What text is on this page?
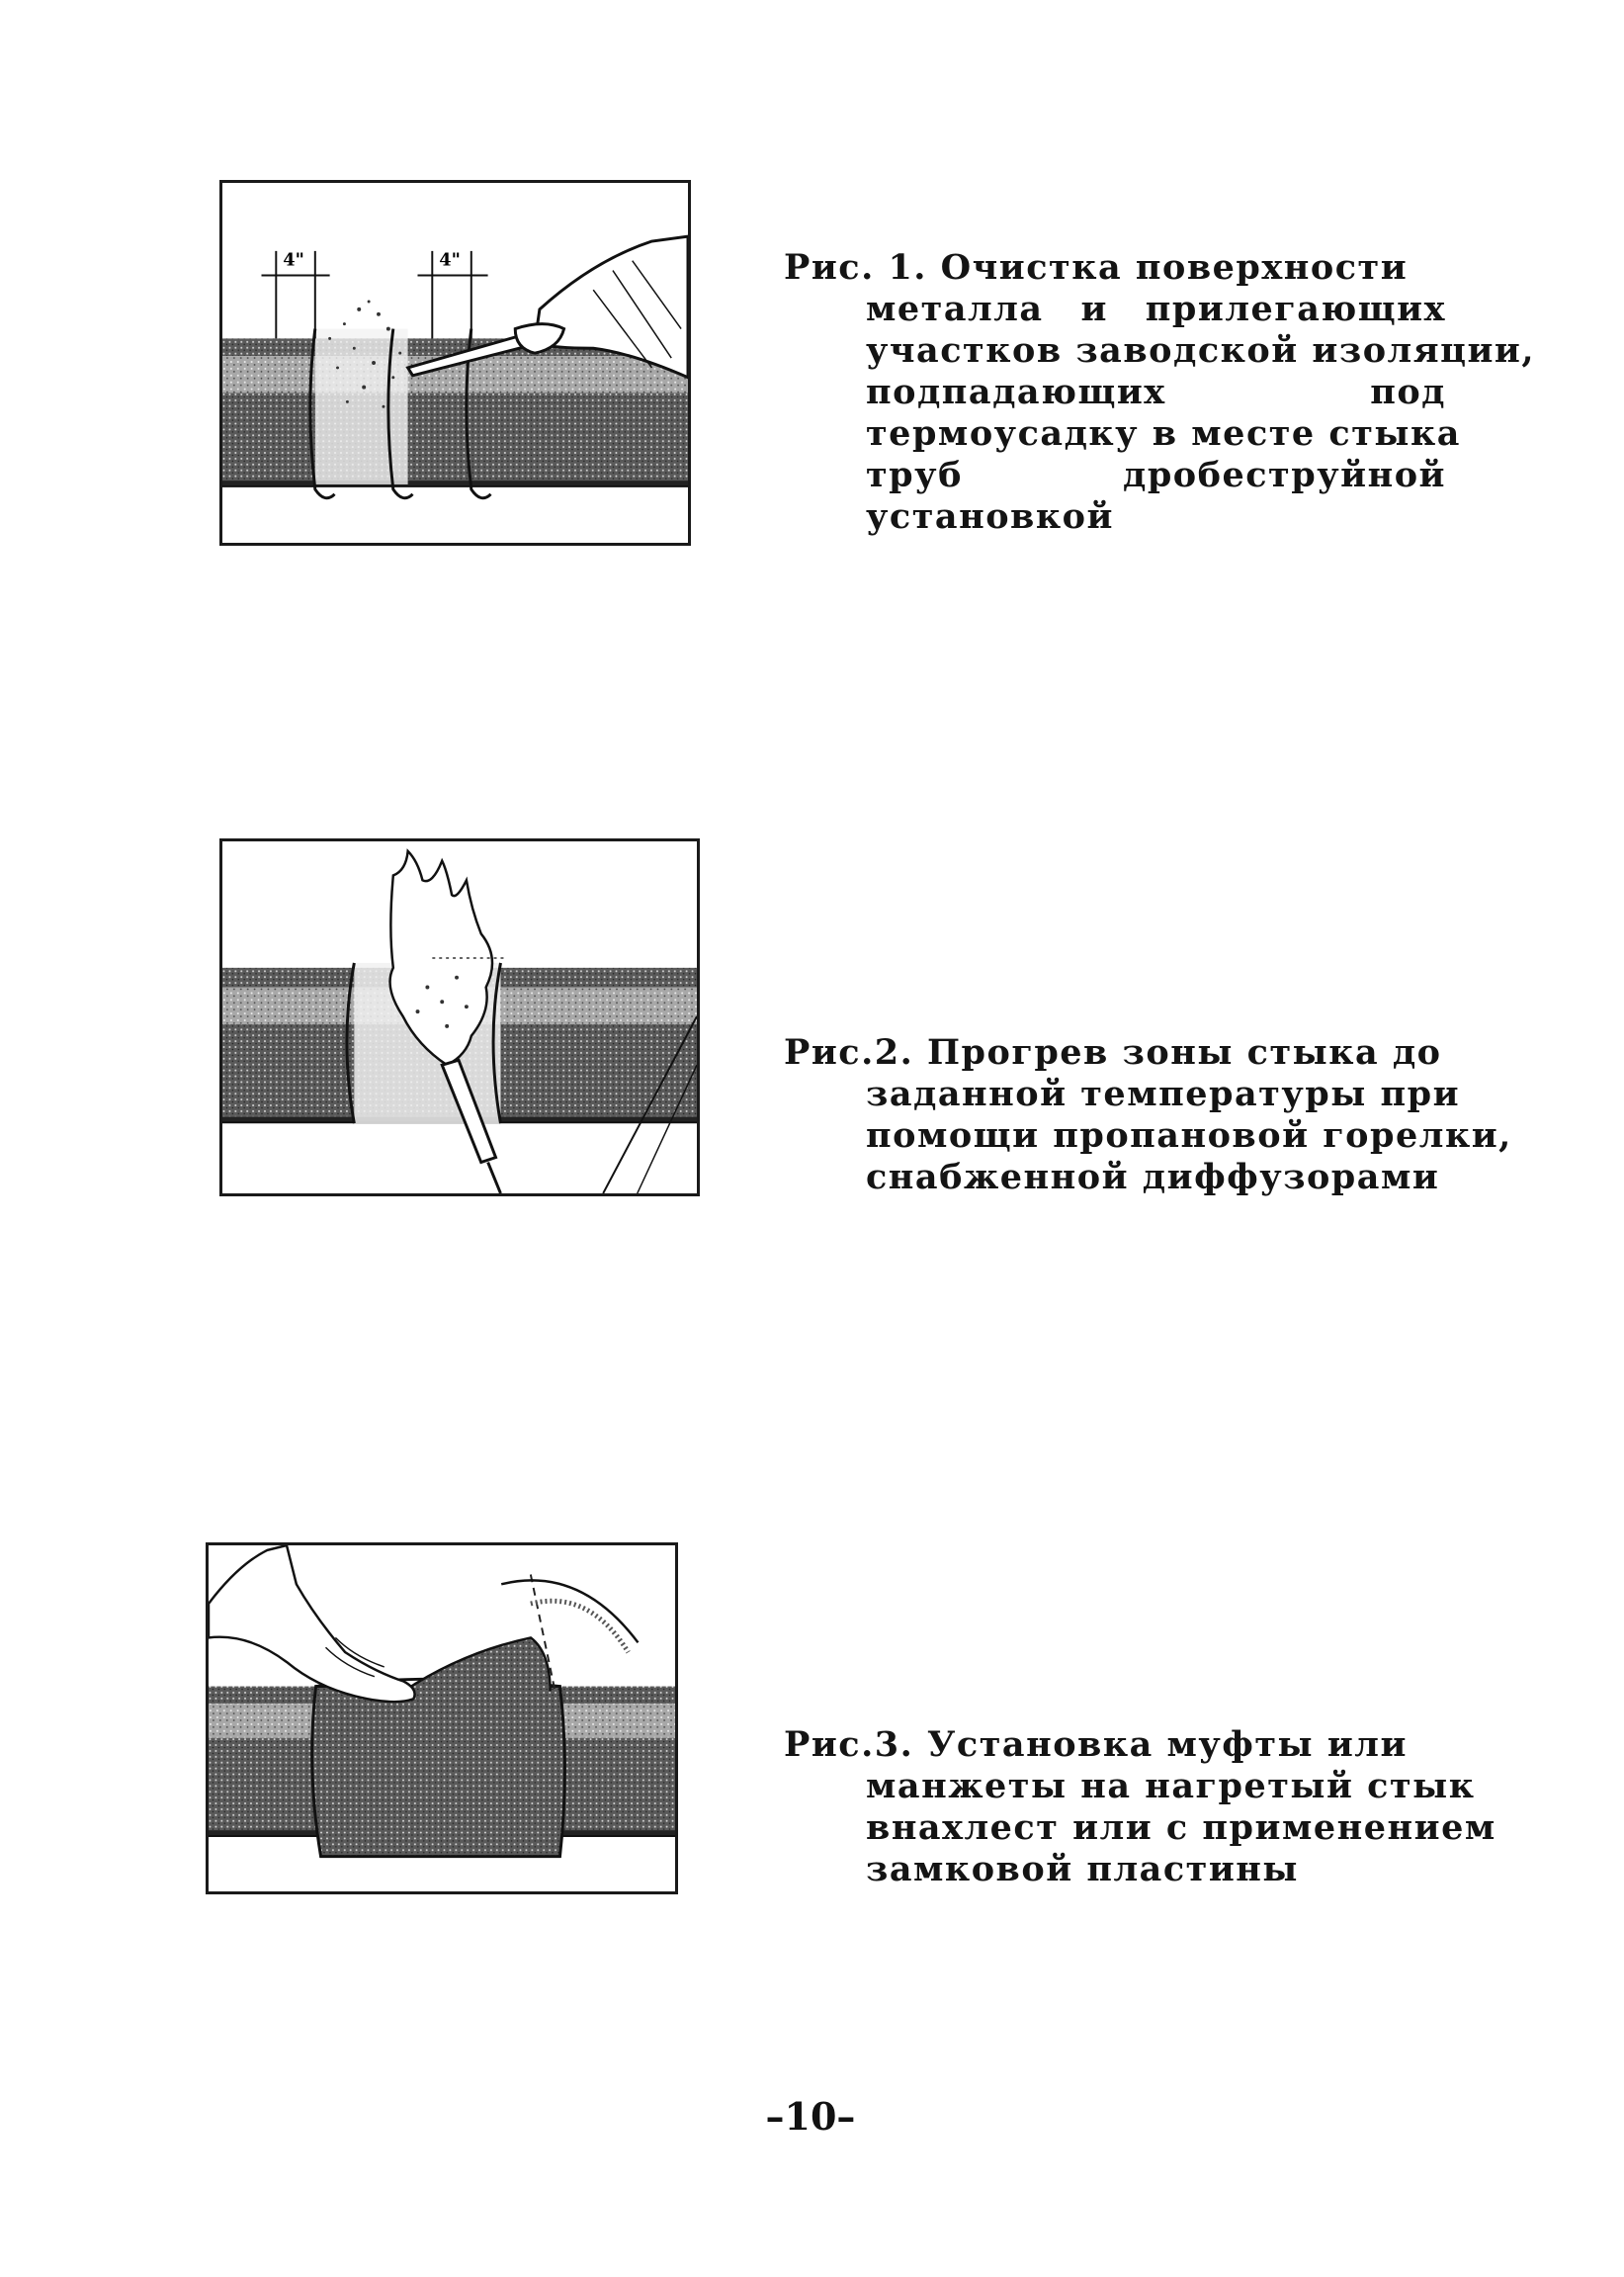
4"	4"	Рис. 1. Очистка поверхности
металла и прилегающих
участков заводской изоляции,
подпадающих под
термоусадку в месте стыка
труб дробеструйной
установкой
Рис.2. Прогрев зоны стыка до
заданной температуры при
помощи пропановой горелки,
снабженной диффузорами
Рис.3. Установка муфты или
манжеты на нагретый стык
внахлест или с применением
замковой пластины
–10–
